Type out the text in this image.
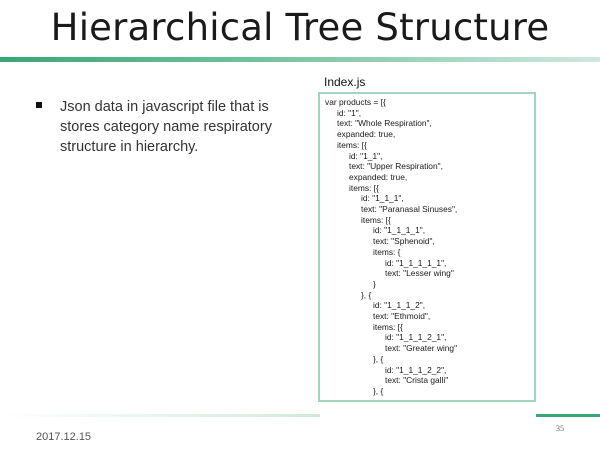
Hierarchical Tree Structure
Index.js
Json data in javascript file that is stores category name respiratory structure in hierarchy.
var products = [{
id: "1",
text: "Whole Respiration",
expanded: true,
items: [{
id: "1_1",
text: "Upper Respiration",
expanded: true,
items: [{
id: "1_1_1",
text: "Paranasal Sinuses",
items: [{
id: "1_1_1_1",
text: "Sphenoid",
items: {
id: "1_1_1_1_1",
text: "Lesser wing"
}
}, {
id: "1_1_1_2",
text: "Ethmoid",
items: [{
id: "1_1_1_2_1",
text: "Greater wing"
}, {
id: "1_1_1_2_2",
text: "Crista galli"
}, {
2017.12.15
35
